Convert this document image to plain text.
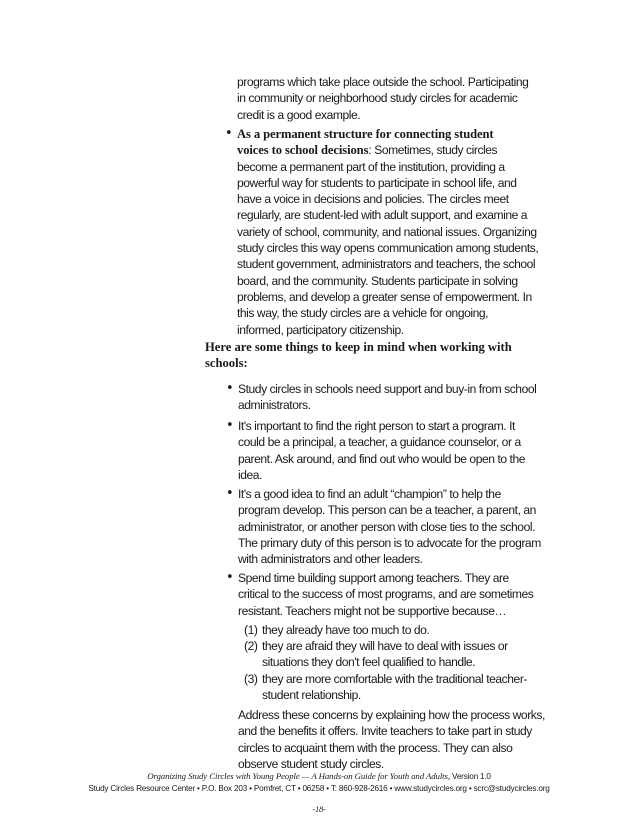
programs which take place outside the school. Participating
in community or neighborhood study circles for academic
credit is a good example.
• As a permanent structure for connecting student
voices to school decisions: Sometimes, study circles
become a permanent part of the institution, providing a
powerful way for students to participate in school life, and
have a voice in decisions and policies. The circles meet
regularly, are student-led with adult support, and examine a
variety of school, community, and national issues. Organizing
study circles this way opens communication among students,
student government, administrators and teachers, the school
board, and the community. Students participate in solving
problems, and develop a greater sense of empowerment. In
this way, the study circles are a vehicle for ongoing,
informed, participatory citizenship.
Here are some things to keep in mind when working with
schools:
• Study circles in schools need support and buy-in from school
administrators.
• It's important to find the right person to start a program. It
could be a principal, a teacher, a guidance counselor, or a
parent. Ask around, and find out who would be open to the
idea.
• It's a good idea to find an adult “champion” to help the
program develop. This person can be a teacher, a parent, an
administrator, or another person with close ties to the school.
The primary duty of this person is to advocate for the program
with administrators and other leaders.
• Spend time building support among teachers. They are
critical to the success of most programs, and are sometimes
resistant. Teachers might not be supportive because…
(1) they already have too much to do.
(2) they are afraid they will have to deal with issues or
situations they don't feel qualified to handle.
(3) they are more comfortable with the traditional teacher-
student relationship.
Address these concerns by explaining how the process works,
and the benefits it offers. Invite teachers to take part in study
circles to acquaint them with the process. They can also
observe student study circles.
Organizing Study Circles with Young People — A Hands-on Guide for Youth and Adults, Version 1.0
Study Circles Resource Center • P.O. Box 203 • Pomfret, CT • 06258 • T: 860-928-2616 • www.studycircles.org • scrc@studycircles.org
-18-
